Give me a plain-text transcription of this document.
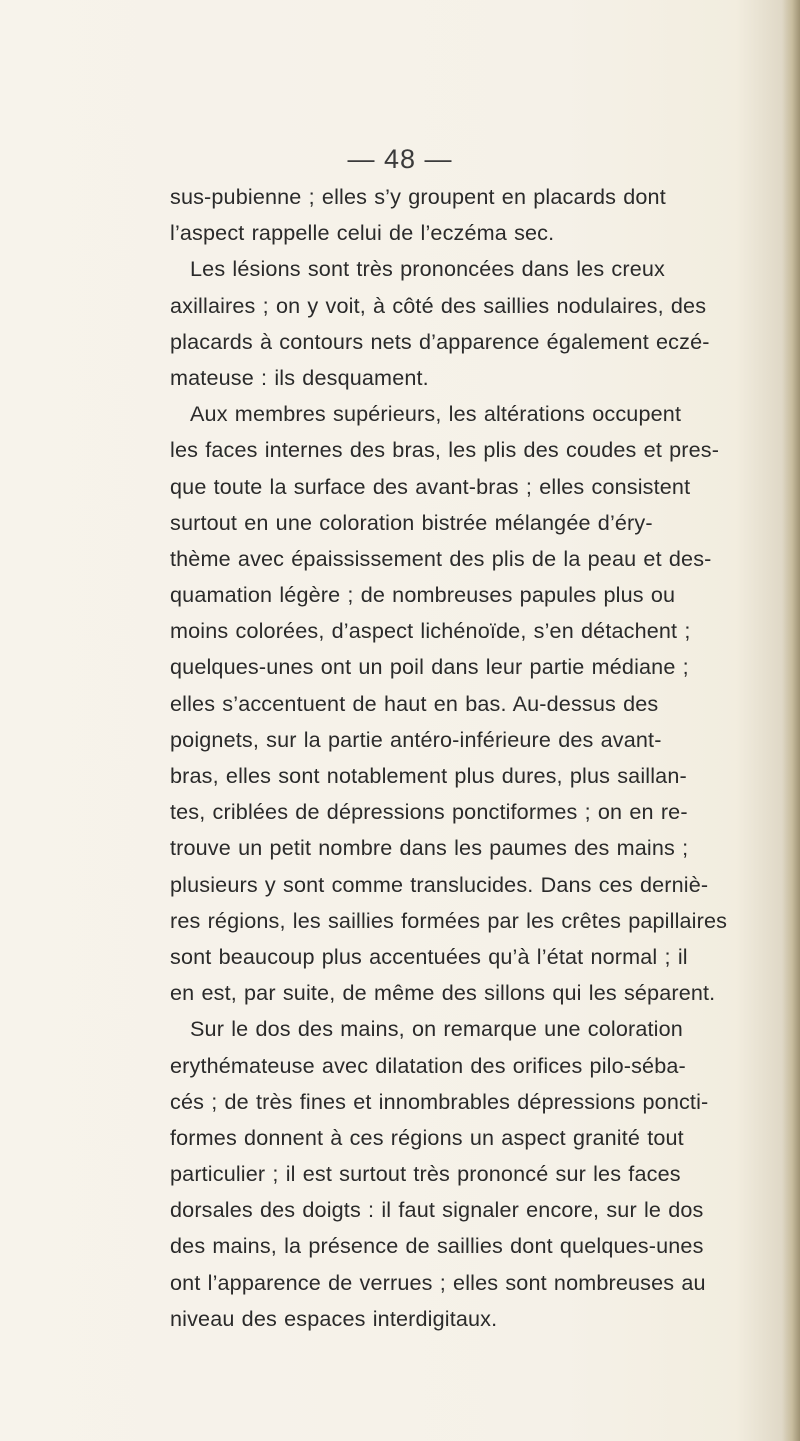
— 48 —
sus-pubienne ; elles s’y groupent en placards dont
l’aspect rappelle celui de l’eczéma sec.
Les lésions sont très prononcées dans les creux
axillaires ; on y voit, à côté des saillies nodulaires, des
placards à contours nets d’apparence également eczé-
mateuse : ils desquament.
Aux membres supérieurs, les altérations occupent
les faces internes des bras, les plis des coudes et pres-
que toute la surface des avant-bras ; elles consistent
surtout en une coloration bistrée mélangée d’éry-
thème avec épaississement des plis de la peau et des-
quamation légère ; de nombreuses papules plus ou
moins colorées, d’aspect lichénoïde, s’en détachent ;
quelques-unes ont un poil dans leur partie médiane ;
elles s’accentuent de haut en bas. Au-dessus des
poignets, sur la partie antéro-inférieure des avant-
bras, elles sont notablement plus dures, plus saillan-
tes, criblées de dépressions ponctiformes ; on en re-
trouve un petit nombre dans les paumes des mains ;
plusieurs y sont comme translucides. Dans ces derniè-
res régions, les saillies formées par les crêtes papillaires
sont beaucoup plus accentuées qu’à l’état normal ; il
en est, par suite, de même des sillons qui les séparent.
Sur le dos des mains, on remarque une coloration
erythémateuse avec dilatation des orifices pilo-séba-
cés ; de très fines et innombrables dépressions poncti-
formes donnent à ces régions un aspect granité tout
particulier ; il est surtout très prononcé sur les faces
dorsales des doigts : il faut signaler encore, sur le dos
des mains, la présence de saillies dont quelques-unes
ont l’apparence de verrues ; elles sont nombreuses au
niveau des espaces interdigitaux.
